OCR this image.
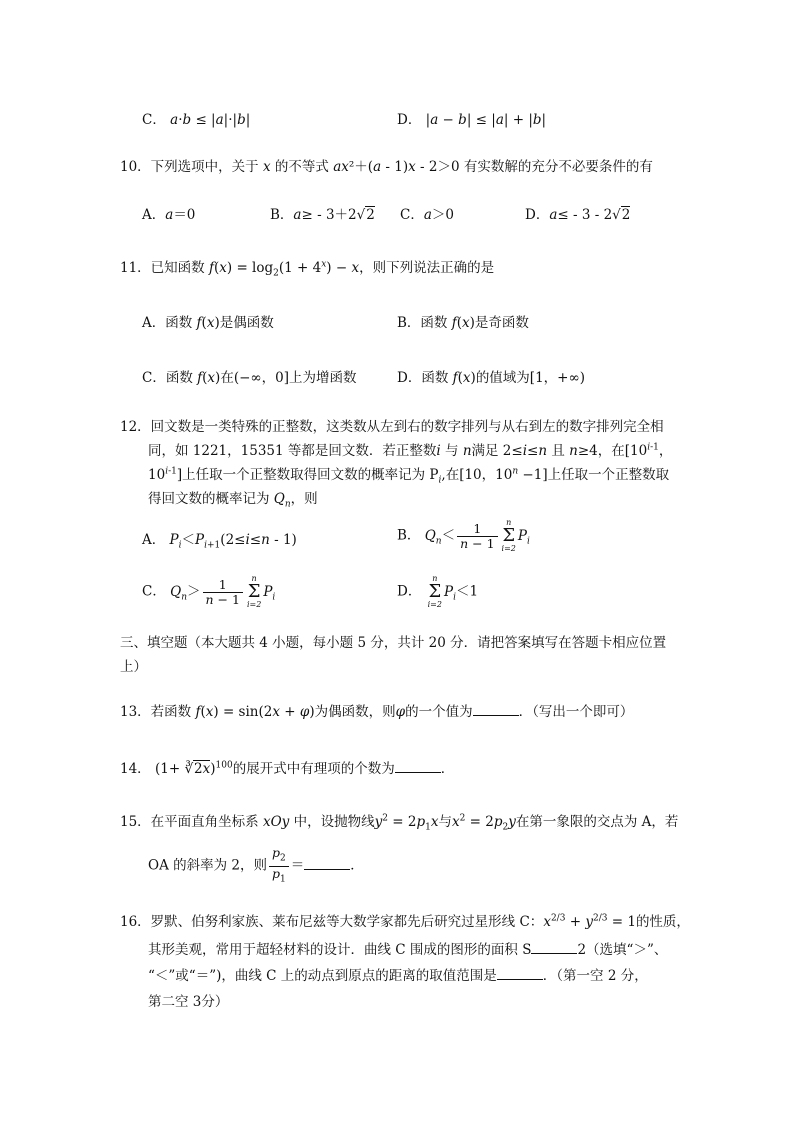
C． a·b ≤ |a|·|b|	D． |a − b| ≤ |a| + |b|
10．下列选项中，关于 x 的不等式 ax²＋(a - 1)x - 2＞0 有实数解的充分不必要条件的有
A．a＝0	B．a≥ - 3＋2√2 C．a＞0	D．a≤ - 3 - 2√2
11．已知函数 $f(x) = \log_2(1 + 4^x) - x$，则下列说法正确的是
A．函数 f(x)是偶函数	B．函数 f(x)是奇函数
C．函数 f(x)在(−∞，0]上为增函数	D．函数 f(x)的值域为[1，+∞)
12．回文数是一类特殊的正整数，这类数从左到右的数字排列与从右到左的数字排列完全相
同，如 1221，15351 等都是回文数．若正整数i 与 n满足 2≤i≤n 且 n≥4，在[10$^{i-1}$，
10$^{i-1}$]上任取一个正整数取得回文数的概率记为 $P_i$,在[10，$10^n -1$]上任取一个正整数取
得回文数的概率记为 $Q_n$，则
A． $P_i<P_{i+1}(2\le i\le n - 1)$	B． $Q_n< \frac{1}{n - 1}$	n
Σ
i=2
$P_i$
C． $Q_n> \frac{1}{n - 1}$	n
Σ
i=2
$P_i$	D．
n
Σ
i=2
$P_i<1$
三、填空题（本大题共 4 小题，每小题 5 分，共计 20 分．请把答案填写在答题卡相应位置
上）
13．若函数 f(x) = sin(2x + φ)为偶函数，则φ的一个值为	．（写出一个即可）
14． (1+ ∛2x)$^{100}$的展开式中有理项的个数为	．
15．在平面直角坐标系 xOy 中，设抛物线$y^2 = 2p_1x$与$x^2 = 2p_2y$在第一象限的交点为 A，若
OA 的斜率为 2，则 $\frac{p_2}{p_1}$ ＝	．
16．罗默、伯努利家族、莱布尼兹等大数学家都先后研究过星形线 C：$x^{2/3} + y^{2/3} = 1$的性质，
其形美观，常用于超轻材料的设计．曲线 C 围成的图形的面积 S	2（选填“＞”、
“＜”或“＝”)，曲线 C 上的动点到原点的距离的取值范围是	．（第一空 2 分，
第二空 3分）
